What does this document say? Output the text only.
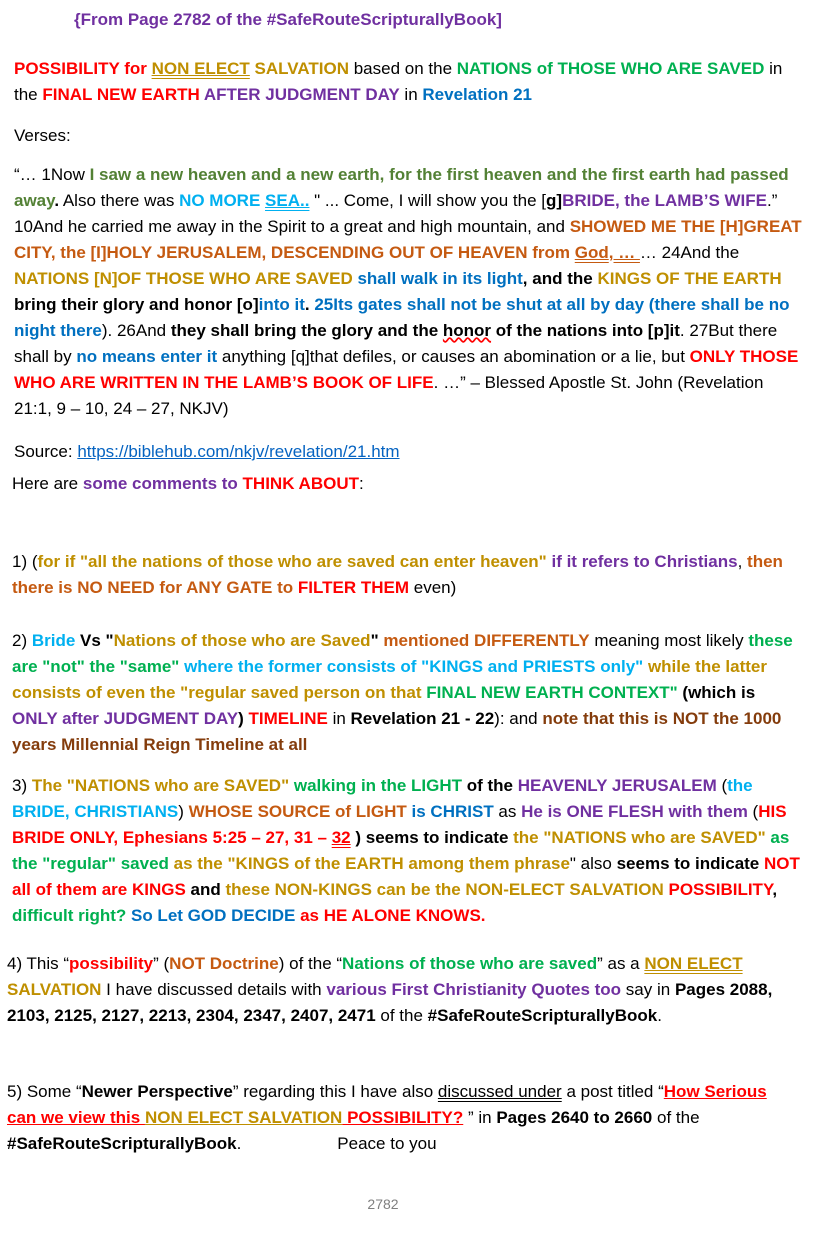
{From Page 2782 of the #SafeRouteScripturallyBook]

POSSIBILITY for NON ELECT SALVATION based on the NATIONS of THOSE WHO ARE SAVED in the FINAL NEW EARTH AFTER JUDGMENT DAY in Revelation 21

Verses:

“… 1Now I saw a new heaven and a new earth, for the first heaven and the first earth had passed away. Also there was NO MORE SEA.. " ... Come, I will show you the [g]BRIDE, the LAMB’S WIFE.” 10And he carried me away in the Spirit to a great and high mountain, and SHOWED ME THE [H]GREAT CITY, the [I]HOLY JERUSALEM, DESCENDING OUT OF HEAVEN from God, … … 24And the NATIONS [N]OF THOSE WHO ARE SAVED shall walk in its light, and the KINGS OF THE EARTH bring their glory and honor [o]into it. 25Its gates shall not be shut at all by day (there shall be no night there). 26And they shall bring the glory and the honor of the nations into [p]it. 27But there shall by no means enter it anything [q]that defiles, or causes an abomination or a lie, but ONLY THOSE WHO ARE WRITTEN IN THE LAMB’S BOOK OF LIFE. …” – Blessed Apostle St. John (Revelation 21:1, 9 – 10, 24 – 27, NKJV)

Source: https://biblehub.com/nkjv/revelation/21.htm

Here are some comments to THINK ABOUT:

1) (for if "all the nations of those who are saved can enter heaven" if it refers to Christians, then there is NO NEED for ANY GATE to FILTER THEM even)

2) Bride Vs "Nations of those who are Saved" mentioned DIFFERENTLY meaning most likely these are "not" the "same" where the former consists of "KINGS and PRIESTS only" while the latter consists of even the "regular saved person on that FINAL NEW EARTH CONTEXT" (which is ONLY after JUDGMENT DAY) TIMELINE in Revelation 21 - 22): and note that this is NOT the 1000 years Millennial Reign Timeline at all

3) The "NATIONS who are SAVED" walking in the LIGHT of the HEAVENLY JERUSALEM (the BRIDE, CHRISTIANS) WHOSE SOURCE of LIGHT is CHRIST as He is ONE FLESH with them (HIS BRIDE ONLY, Ephesians 5:25 – 27, 31 – 32 ) seems to indicate the "NATIONS who are SAVED" as the "regular" saved as the "KINGS of the EARTH among them phrase" also seems to indicate NOT all of them are KINGS and these NON-KINGS can be the NON-ELECT SALVATION POSSIBILITY, difficult right? So Let GOD DECIDE as HE ALONE KNOWS.

4) This “possibility” (NOT Doctrine) of the “Nations of those who are saved” as a NON ELECT SALVATION I have discussed details with various First Christianity Quotes too say in Pages 2088, 2103, 2125, 2127, 2213, 2304, 2347, 2407, 2471 of the #SafeRouteScripturallyBook.

5) Some “Newer Perspective” regarding this I have also discussed under a post titled “How Serious can we view this NON ELECT SALVATION POSSIBILITY? ” in Pages 2640 to 2660 of the #SafeRouteScripturallyBook.	Peace to you

2782
